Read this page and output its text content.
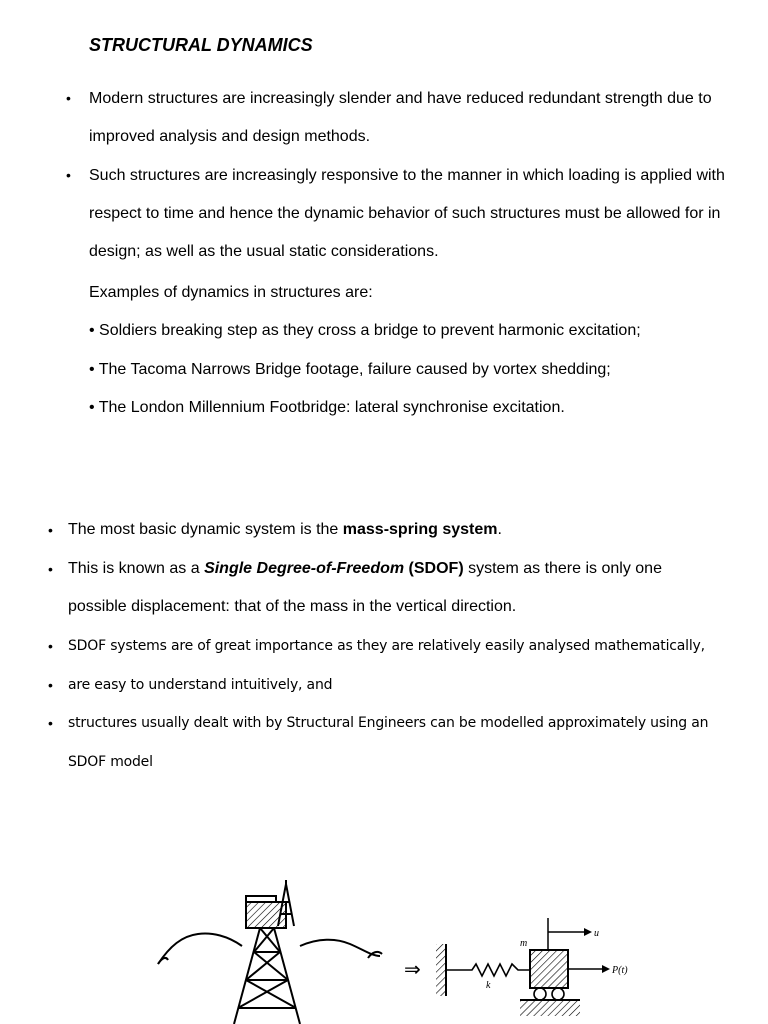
STRUCTURAL DYNAMICS
• Modern structures are increasingly slender and have reduced redundant strength due to
improved analysis and design methods.
• Such structures are increasingly responsive to the manner in which loading is applied with
respect to time and hence the dynamic behavior of such structures must be allowed for in
design; as well as the usual static considerations.
Examples of dynamics in structures are:
• Soldiers breaking step as they cross a bridge to prevent harmonic excitation;
• The Tacoma Narrows Bridge footage, failure caused by vortex shedding;
• The London Millennium Footbridge: lateral synchronise excitation.
• The most basic dynamic system is the mass-spring system.
• This is known as a Single Degree-of-Freedom (SDOF) system as there is only one
possible displacement: that of the mass in the vertical direction.
• SDOF systems are of great importance as they are relatively easily analysed mathematically,
• are easy to understand intuitively, and
• structures usually dealt with by Structural Engineers can be modelled approximately using an
SDOF model
⇒
k
m
u
P(t)
